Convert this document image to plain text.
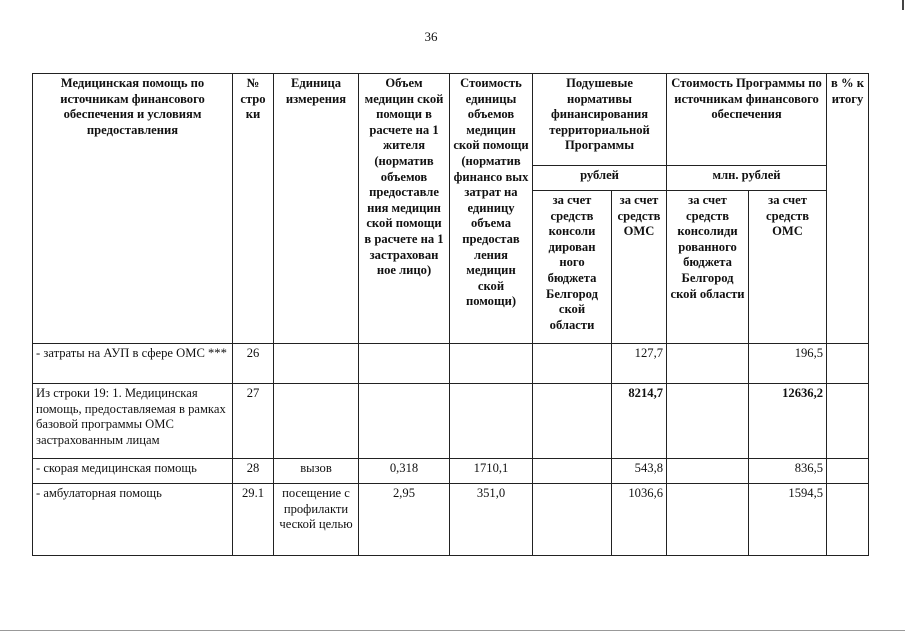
36
Медицинская помощь по источникам финансового обеспечения и условиям предоставления	№ стро ки	Единица измерения	Объем медицин ской помощи в расчете на 1 жителя (норматив объемов предоставле ния медицин ской помощи в расчете на 1 застрахован ное лицо)	Стоимость единицы объемов медицин ской помощи (норматив финансо вых затрат на единицу объема предостав ления медицин ской помощи)	Подушевые нормативы финансирования территориальной Программы		Стоимость Программы по источникам финансового обеспечения		в % к итогу
					рублей		млн. рублей		
					за счет средств консоли дирован ного бюджета Белгород ской области	за счет средств ОМС	за счет средств консолиди рованного бюджета Белгород ской области	за счет средств ОМС	
- затраты на АУП в сфере ОМС ***	26					127,7		196,5	
Из строки 19: 1. Медицинская помощь, предоставляемая в рамках базовой программы ОМС застрахованным лицам	27					8214,7		12636,2	
- скорая медицинская помощь	28	вызов	0,318	1710,1		543,8		836,5	
- амбулаторная помощь	29.1	посещение с профилакти ческой целью	2,95	351,0		1036,6		1594,5	
